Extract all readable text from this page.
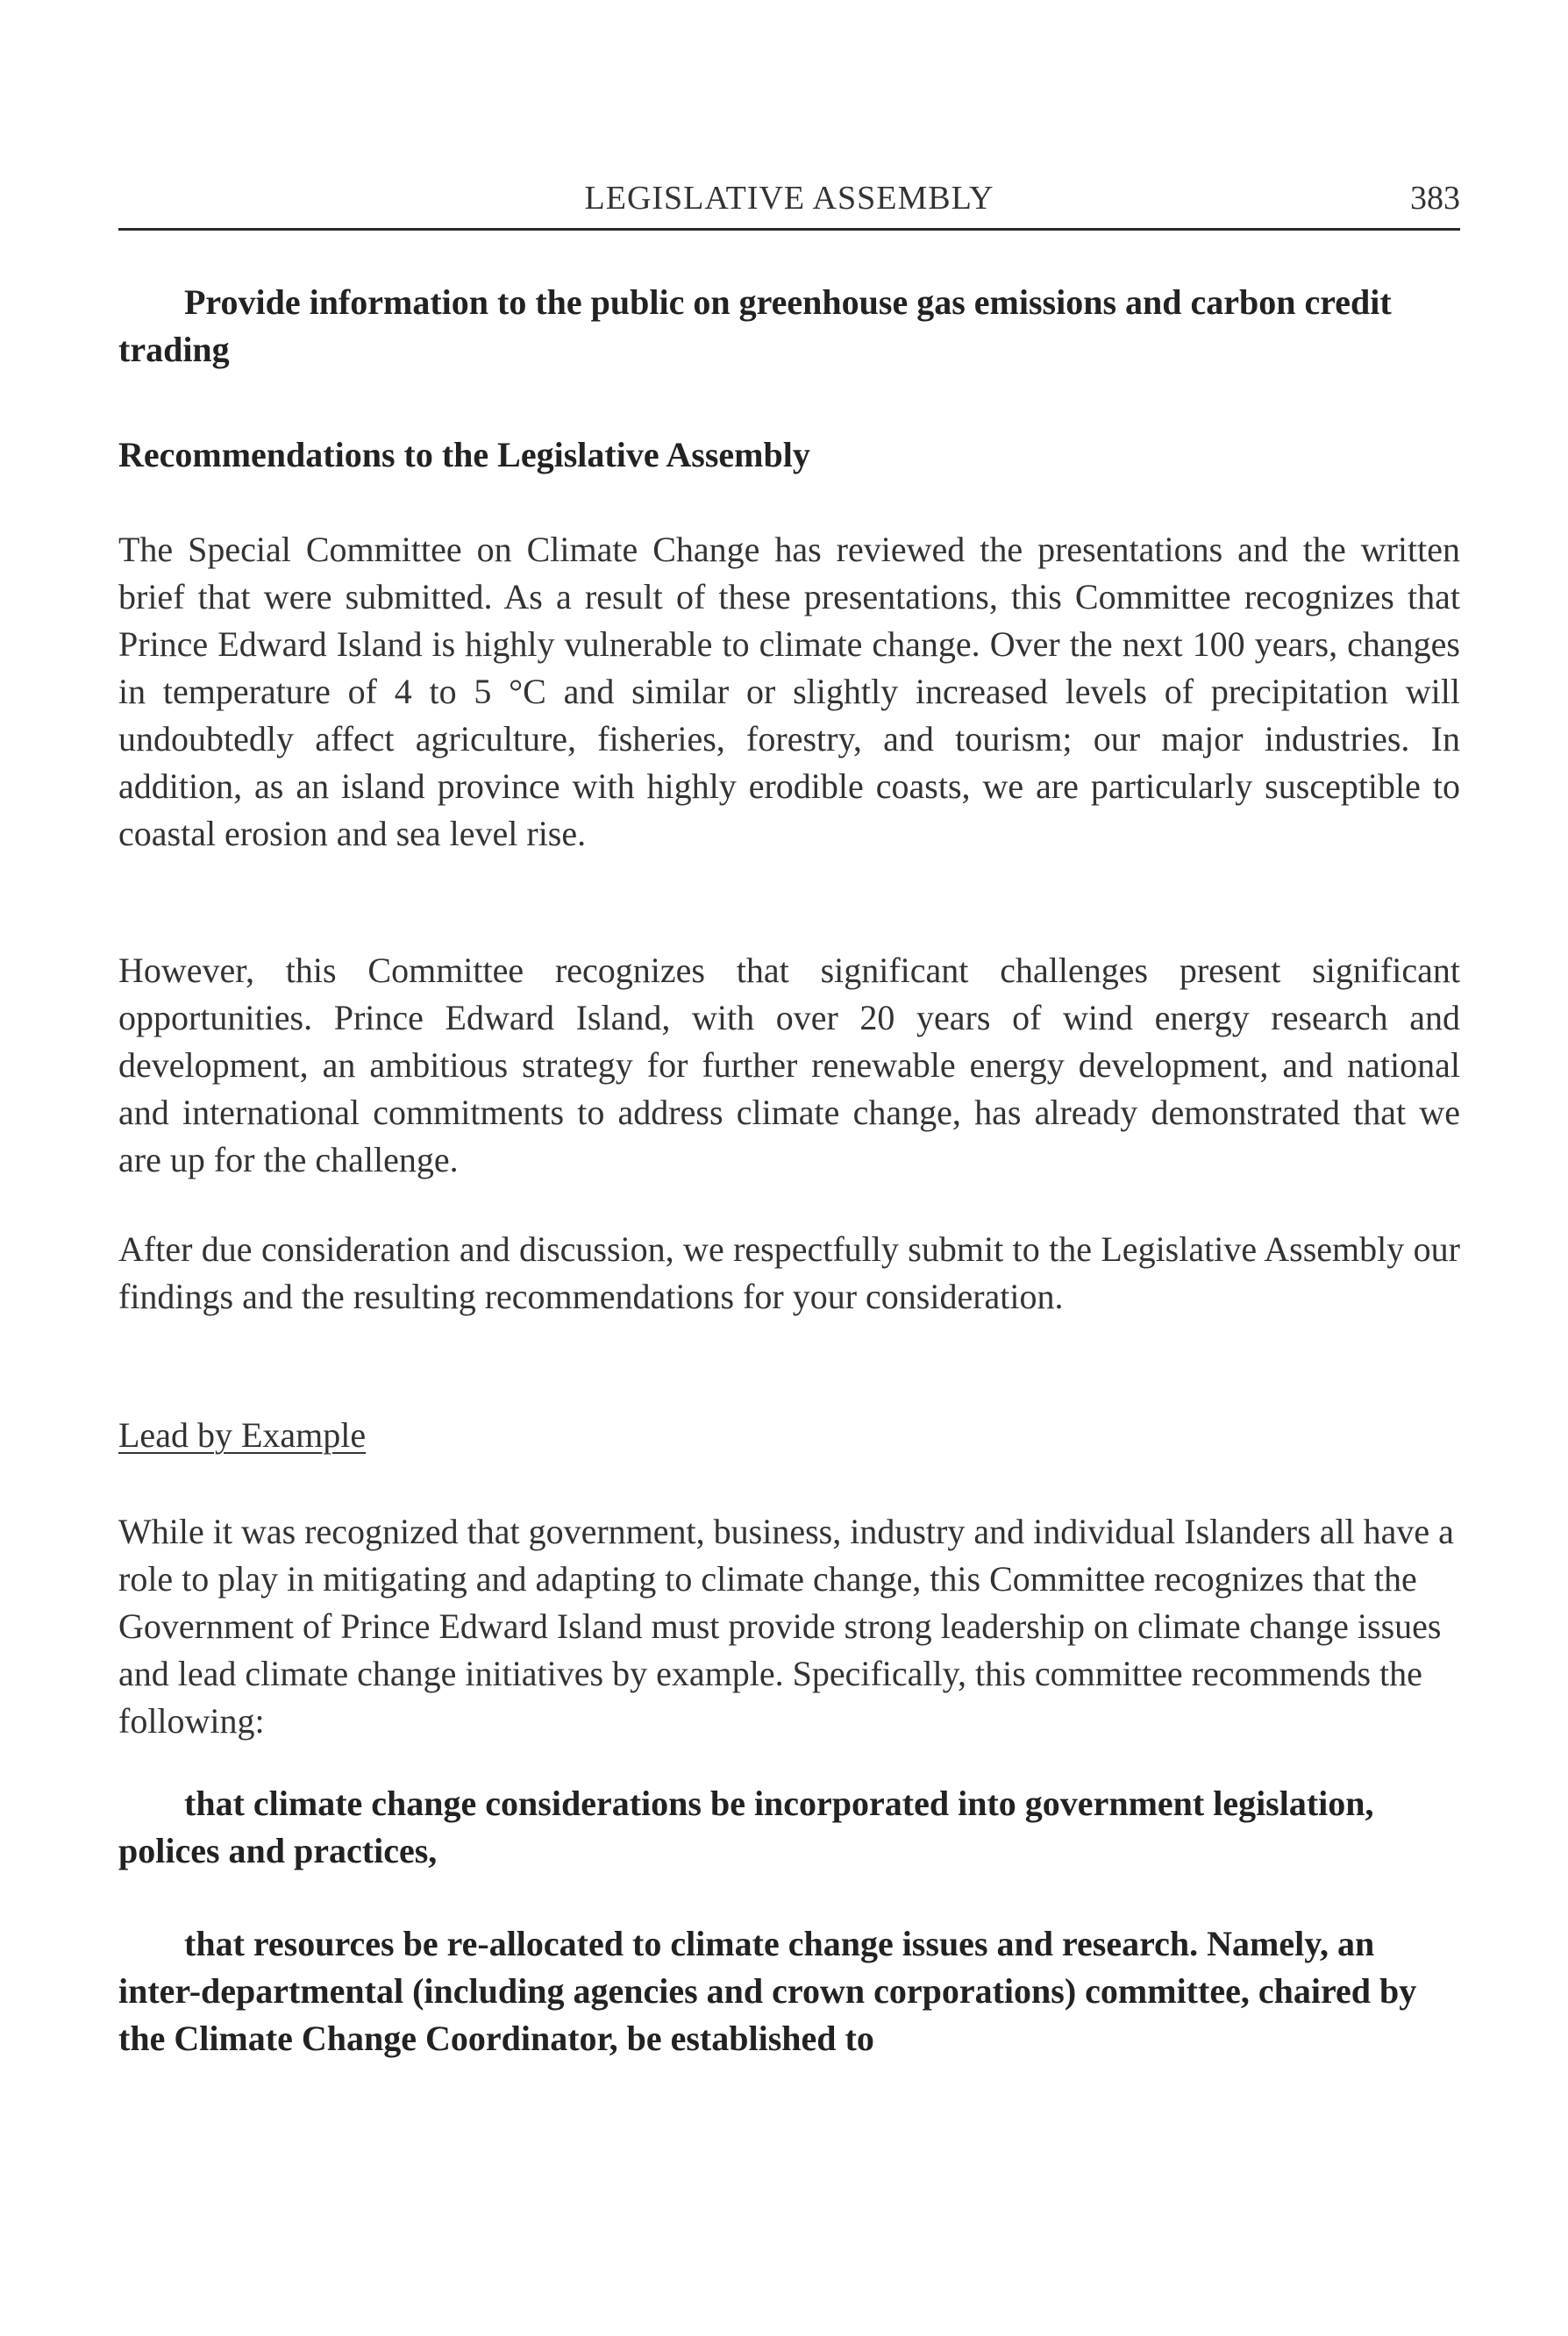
LEGISLATIVE ASSEMBLY	383
Provide information to the public on greenhouse gas emissions and carbon credit trading
Recommendations to the Legislative Assembly
The Special Committee on Climate Change has reviewed the presentations and the written brief that were submitted. As a result of these presentations, this Committee recognizes that Prince Edward Island is highly vulnerable to climate change. Over the next 100 years, changes in temperature of 4 to 5 °C and similar or slightly increased levels of precipitation will undoubtedly affect agriculture, fisheries, forestry, and tourism; our major industries. In addition, as an island province with highly erodible coasts, we are particularly susceptible to coastal erosion and sea level rise.
However, this Committee recognizes that significant challenges present significant opportunities. Prince Edward Island, with over 20 years of wind energy research and development, an ambitious strategy for further renewable energy development, and national and international commitments to address climate change, has already demonstrated that we are up for the challenge.
After due consideration and discussion, we respectfully submit to the Legislative Assembly our findings and the resulting recommendations for your consideration.
Lead by Example
While it was recognized that government, business, industry and individual Islanders all have a role to play in mitigating and adapting to climate change, this Committee recognizes that the Government of Prince Edward Island must provide strong leadership on climate change issues and lead climate change initiatives by example. Specifically, this committee recommends the following:
that climate change considerations be incorporated into government legislation, polices and practices,
that resources be re-allocated to climate change issues and research. Namely, an inter-departmental (including agencies and crown corporations) committee, chaired by the Climate Change Coordinator, be established to
